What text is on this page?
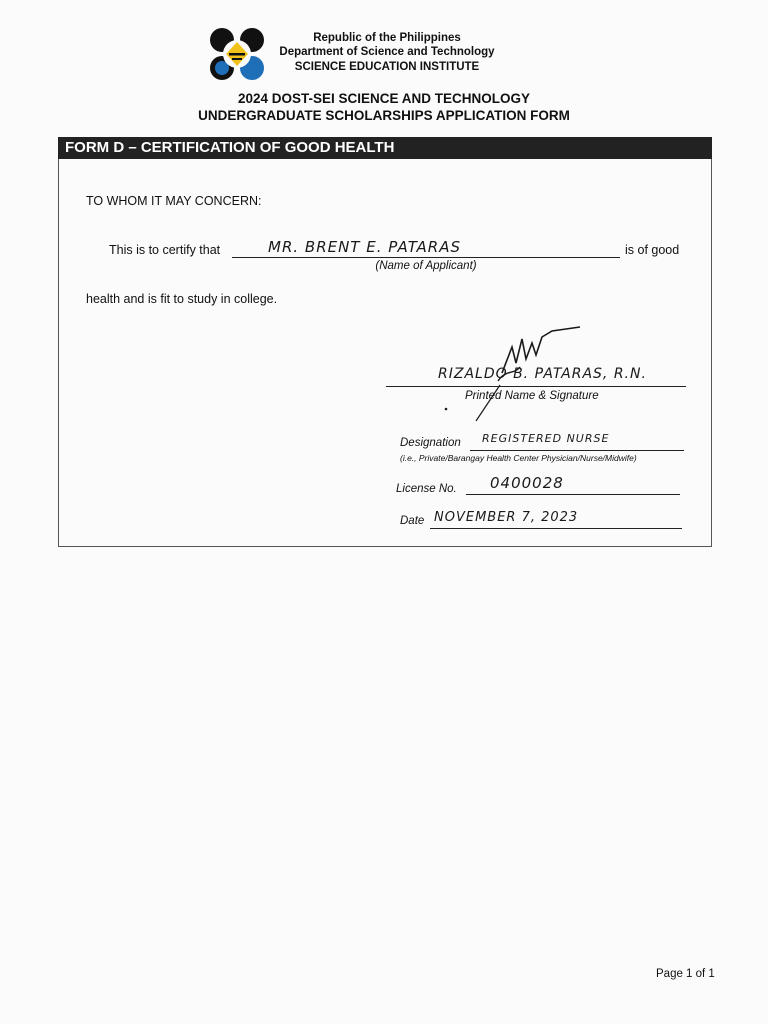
Republic of the Philippines
Department of Science and Technology
SCIENCE EDUCATION INSTITUTE
2024 DOST-SEI SCIENCE AND TECHNOLOGY
UNDERGRADUATE SCHOLARSHIPS APPLICATION FORM
FORM D – CERTIFICATION OF GOOD HEALTH
TO WHOM IT MAY CONCERN:
This is to certify that	MR. BRENT E. PATARAS	is of good
(Name of Applicant)
health and is fit to study in college.
RIZALDO B. PATARAS, R.N.
Printed Name & Signature
Designation REGISTERED NURSE
(i.e., Private/Barangay Health Center Physician/Nurse/Midwife)
License No. 0400028
Date NOVEMBER 7, 2023
Page 1 of 1
